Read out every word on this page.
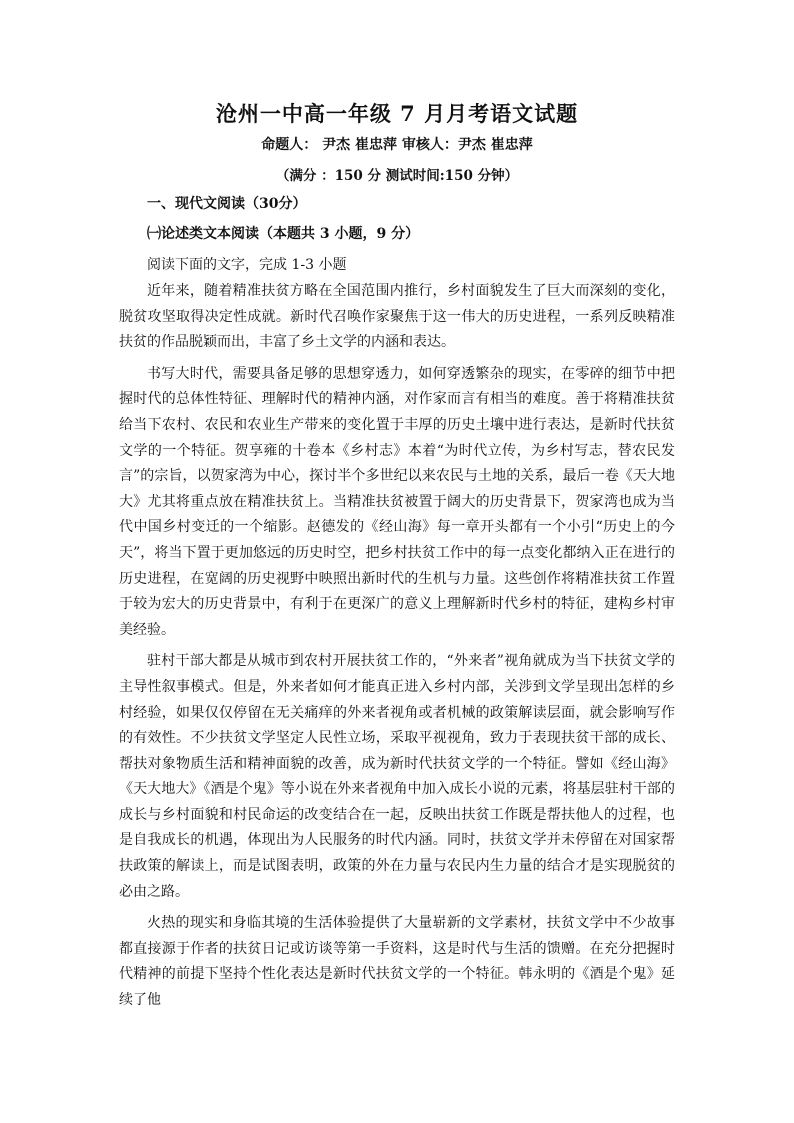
沧州一中高一年级 7 月月考语文试题
命题人： 尹杰 崔忠萍 审核人：尹杰 崔忠萍
（满分 ：150 分 测试时间:150 分钟）
一、现代文阅读（30分）
㈠论述类文本阅读（本题共 3 小题，9 分）
阅读下面的文字，完成 1-3 小题

近年来，随着精准扶贫方略在全国范围内推行，乡村面貌发生了巨大而深刻的变化，脱贫攻坚取得决定性成就。新时代召唤作家聚焦于这一伟大的历史进程，一系列反映精准扶贫的作品脱颖而出，丰富了乡土文学的内涵和表达。

书写大时代，需要具备足够的思想穿透力，如何穿透繁杂的现实，在零碎的细节中把握时代的总体性特征、理解时代的精神内涵，对作家而言有相当的难度。善于将精准扶贫给当下农村、农民和农业生产带来的变化置于丰厚的历史土壤中进行表达，是新时代扶贫文学的一个特征。贺享雍的十卷本《乡村志》本着“为时代立传，为乡村写志，替农民发言”的宗旨，以贺家湾为中心，探讨半个多世纪以来农民与土地的关系，最后一卷《天大地大》尤其将重点放在精准扶贫上。当精准扶贫被置于阔大的历史背景下，贺家湾也成为当代中国乡村变迁的一个缩影。赵德发的《经山海》每一章开头都有一个小引“历史上的今天”，将当下置于更加悠远的历史时空，把乡村扶贫工作中的每一点变化都纳入正在进行的历史进程，在宽阔的历史视野中映照出新时代的生机与力量。这些创作将精准扶贫工作置于较为宏大的历史背景中，有利于在更深广的意义上理解新时代乡村的特征，建构乡村审美经验。

驻村干部大都是从城市到农村开展扶贫工作的，“外来者”视角就成为当下扶贫文学的主导性叙事模式。但是，外来者如何才能真正进入乡村内部，关涉到文学呈现出怎样的乡村经验，如果仅仅停留在无关痛痒的外来者视角或者机械的政策解读层面，就会影响写作的有效性。不少扶贫文学坚定人民性立场，采取平视视角，致力于表现扶贫干部的成长、帮扶对象物质生活和精神面貌的改善，成为新时代扶贫文学的一个特征。譬如《经山海》《天大地大》《酒是个鬼》等小说在外来者视角中加入成长小说的元素，将基层驻村干部的成长与乡村面貌和村民命运的改变结合在一起，反映出扶贫工作既是帮扶他人的过程，也是自我成长的机遇，体现出为人民服务的时代内涵。同时，扶贫文学并未停留在对国家帮扶政策的解读上，而是试图表明，政策的外在力量与农民内生力量的结合才是实现脱贫的必由之路。

火热的现实和身临其境的生活体验提供了大量崭新的文学素材，扶贫文学中不少故事都直接源于作者的扶贫日记或访谈等第一手资料，这是时代与生活的馈赠。在充分把握时代精神的前提下坚持个性化表达是新时代扶贫文学的一个特征。韩永明的《酒是个鬼》延续了他
